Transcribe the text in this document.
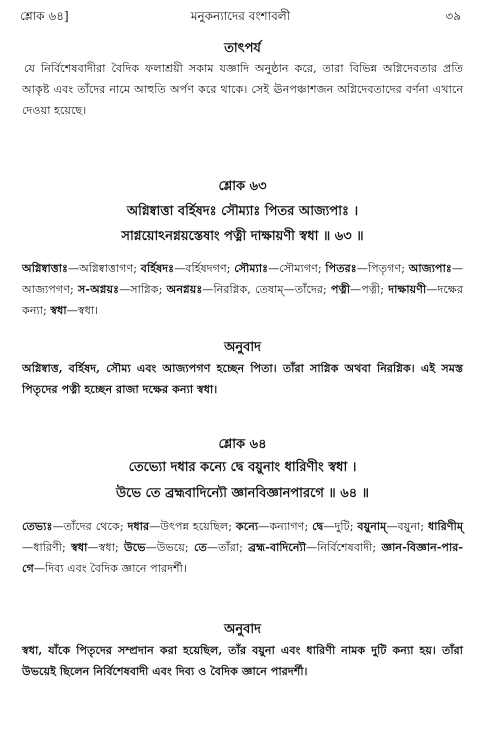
শ্লোক ৬৪]	মনুকন্যাদের বংশাবলী	৩৯
তাৎপর্য
যে নির্বিশেষবাদীরা বৈদিক ফলাশ্রয়ী সকাম যজ্ঞাদি অনুষ্ঠান করে, তারা বিভিন্ন অগ্নিদেবতার প্রতি আকৃষ্ট এবং তাঁদের নামে আহুতি অর্পণ করে থাকে। সেই ঊনপঞ্চাশজন অগ্নিদেবতাদের বর্ণনা এখানে দেওয়া হয়েছে।
শ্লোক ৬৩
অগ্নিষ্বাত্তা বর্হিষদঃ সৌম্যাঃ পিতর আজ্যপাঃ ।
সাগ্নয়োঽনগ্নয়স্তেষাং পত্নী দাক্ষায়ণী স্বধা ॥ ৬৩ ॥
অগ্নিষ্বাত্তাঃ—অগ্নিষ্বাত্তাগণ; বর্হিষদঃ—বর্হিষদগণ; সৌম্যাঃ—সৌম্যগণ; পিতরঃ—পিতৃগণ; আজ্যপাঃ—আজ্যপগণ; স-অগ্নয়ঃ—সাগ্নিক; অনগ্নয়ঃ—নিরগ্নিক, তেষাম্—তাঁদের; পত্নী—পত্নী; দাক্ষায়ণী—দক্ষের কন্যা; স্বধা—স্বধা।
অনুবাদ
অগ্নিষ্বাত্ত, বর্হিষদ, সৌম্য এবং আজ্যপগণ হচ্ছেন পিতা। তাঁরা সাগ্নিক অথবা নিরগ্নিক। এই সমস্ত পিতৃদের পত্নী হচ্ছেন রাজা দক্ষের কন্যা স্বধা।
শ্লোক ৬৪
তেভ্যো দধার কন্যে দ্বে বয়ুনাং ধারিণীং স্বধা ।
উভে তে ব্রহ্মবাদিন্যৌ জ্ঞানবিজ্ঞানপারগে ॥ ৬৪ ॥
তেভ্যঃ—তাঁদের থেকে; দধার—উৎপন্ন হয়েছিল; কন্যে—কন্যাগণ; দ্বে—দুটি; বয়ুনাম্—বয়ুনা; ধারিণীম্—ধারিণী; স্বধা—স্বধা; উভে—উভয়ে; তে—তাঁরা; ব্রহ্ম-বাদিন্যৌ—নির্বিশেষবাদী; জ্ঞান-বিজ্ঞান-পার-গে—দিব্য এবং বৈদিক জ্ঞানে পারদর্শী।
অনুবাদ
স্বধা, যাঁকে পিতৃদের সম্প্রদান করা হয়েছিল, তাঁর বয়ুনা এবং ধারিণী নামক দুটি কন্যা হয়। তাঁরা উভয়েই ছিলেন নির্বিশেষবাদী এবং দিব্য ও বৈদিক জ্ঞানে পারদর্শী।
